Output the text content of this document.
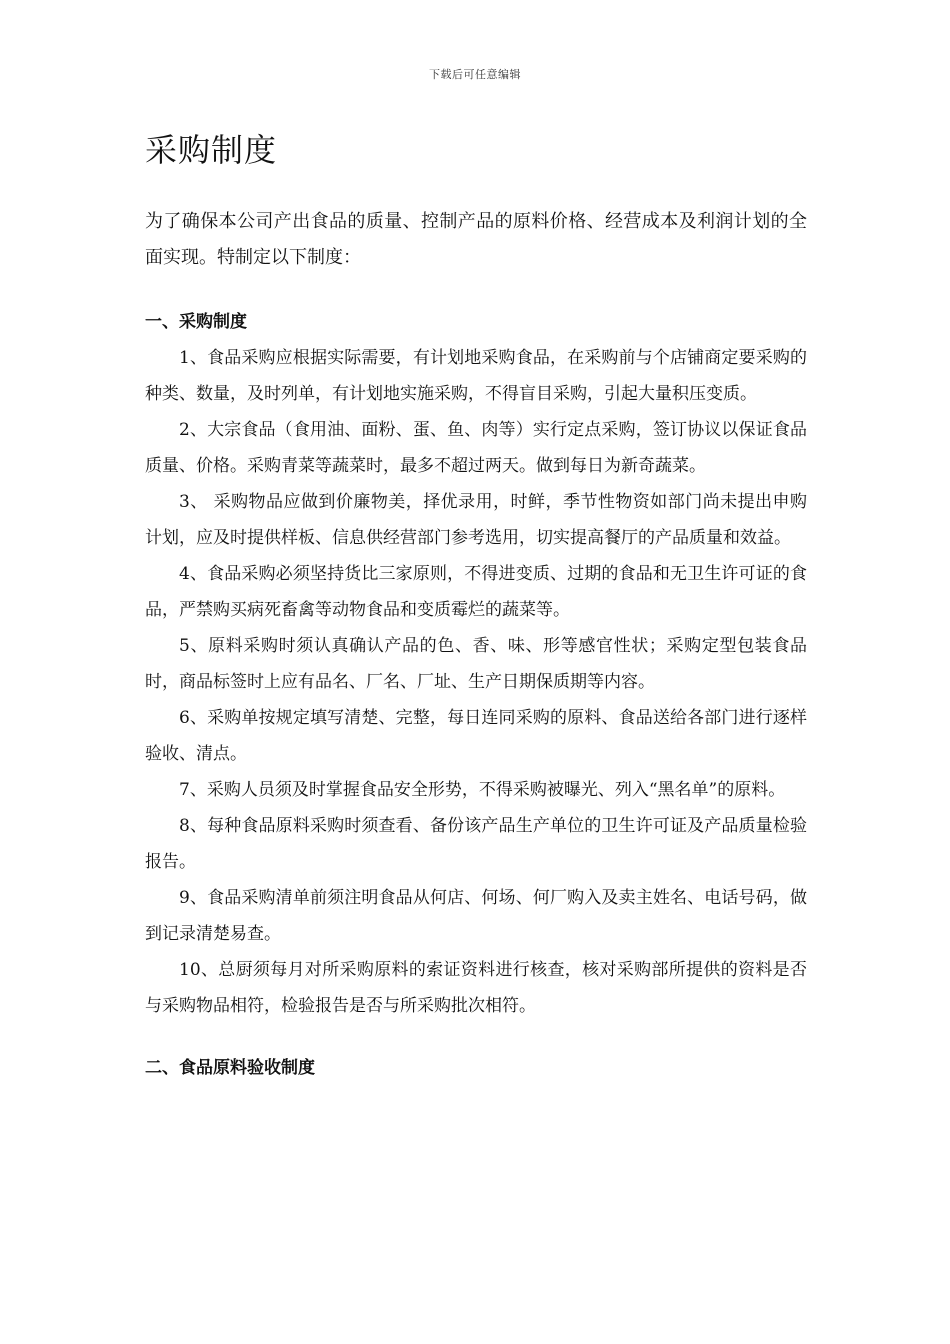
下载后可任意编辑
采购制度

为了确保本公司产出食品的质量、控制产品的原料价格、经营成本及利润计划的全面实现。特制定以下制度：

一、采购制度

1、食品采购应根据实际需要，有计划地采购食品，在采购前与个店铺商定要采购的种类、数量，及时列单，有计划地实施采购，不得盲目采购，引起大量积压变质。

2、大宗食品（食用油、面粉、蛋、鱼、肉等）实行定点采购，签订协议以保证食品质量、价格。采购青菜等蔬菜时，最多不超过两天。做到每日为新奇蔬菜。

3、 采购物品应做到价廉物美，择优录用，时鲜，季节性物资如部门尚未提出申购计划，应及时提供样板、信息供经营部门参考选用，切实提高餐厅的产品质量和效益。

4、食品采购必须坚持货比三家原则，不得进变质、过期的食品和无卫生许可证的食品，严禁购买病死畜禽等动物食品和变质霉烂的蔬菜等。

5、原料采购时须认真确认产品的色、香、味、形等感官性状；采购定型包装食品时，商品标签时上应有品名、厂名、厂址、生产日期保质期等内容。

6、采购单按规定填写清楚、完整，每日连同采购的原料、食品送给各部门进行逐样验收、清点。

7、采购人员须及时掌握食品安全形势，不得采购被曝光、列入“黑名单”的原料。

8、每种食品原料采购时须查看、备份该产品生产单位的卫生许可证及产品质量检验报告。

9、食品采购清单前须注明食品从何店、何场、何厂购入及卖主姓名、电话号码，做到记录清楚易查。

10、总厨须每月对所采购原料的索证资料进行核查，核对采购部所提供的资料是否与采购物品相符，检验报告是否与所采购批次相符。

二、食品原料验收制度
